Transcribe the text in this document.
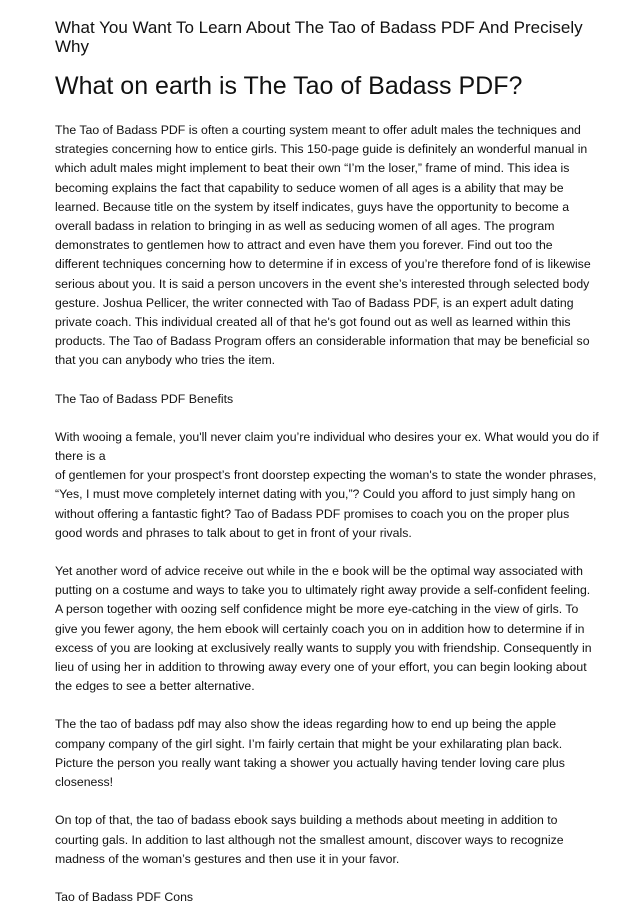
What You Want To Learn About The Tao of Badass PDF And Precisely Why
What on earth is The Tao of Badass PDF?

The Tao of Badass PDF is often a courting system meant to offer adult males the techniques and strategies concerning how to entice girls. This 150-page guide is definitely an wonderful manual in which adult males might implement to beat their own “I’m the loser,” frame of mind. This idea is becoming explains the fact that capability to seduce women of all ages is a ability that may be learned. Because title on the system by itself indicates, guys have the opportunity to become a overall badass in relation to bringing in as well as seducing women of all ages. The program demonstrates to gentlemen how to attract and even have them you forever. Find out too the different techniques concerning how to determine if in excess of you’re therefore fond of is likewise serious about you. It is said a person uncovers in the event she’s interested through selected body gesture. Joshua Pellicer, the writer connected with Tao of Badass PDF, is an expert adult dating private coach. This individual created all of that he's got found out as well as learned within this products. The Tao of Badass Program offers an considerable information that may be beneficial so that you can anybody who tries the item.

The Tao of Badass PDF Benefits

With wooing a female, you'll never claim you’re individual who desires your ex. What would you do if there is a

of gentlemen for your prospect’s front doorstep expecting the woman's to state the wonder phrases, “Yes, I must move completely internet dating with you,”? Could you afford to just simply hang on without offering a fantastic fight? Tao of Badass PDF promises to coach you on the proper plus good words and phrases to talk about to get in front of your rivals.

Yet another word of advice receive out while in the e book will be the optimal way associated with putting on a costume and ways to take you to ultimately right away provide a self-confident feeling. A person together with oozing self confidence might be more eye-catching in the view of girls. To give you fewer agony, the hem ebook will certainly coach you on in addition how to determine if in excess of you are looking at exclusively really wants to supply you with friendship. Consequently in lieu of using her in addition to throwing away every one of your effort, you can begin looking about the edges to see a better alternative.

The the tao of badass pdf may also show the ideas regarding how to end up being the apple company company of the girl sight. I’m fairly certain that might be your exhilarating plan back. Picture the person you really want taking a shower you actually having tender loving care plus closeness!

On top of that, the tao of badass ebook says building a methods about meeting in addition to courting gals. In addition to last although not the smallest amount, discover ways to recognize madness of the woman’s gestures and then use it in your favor.

Tao of Badass PDF Cons
